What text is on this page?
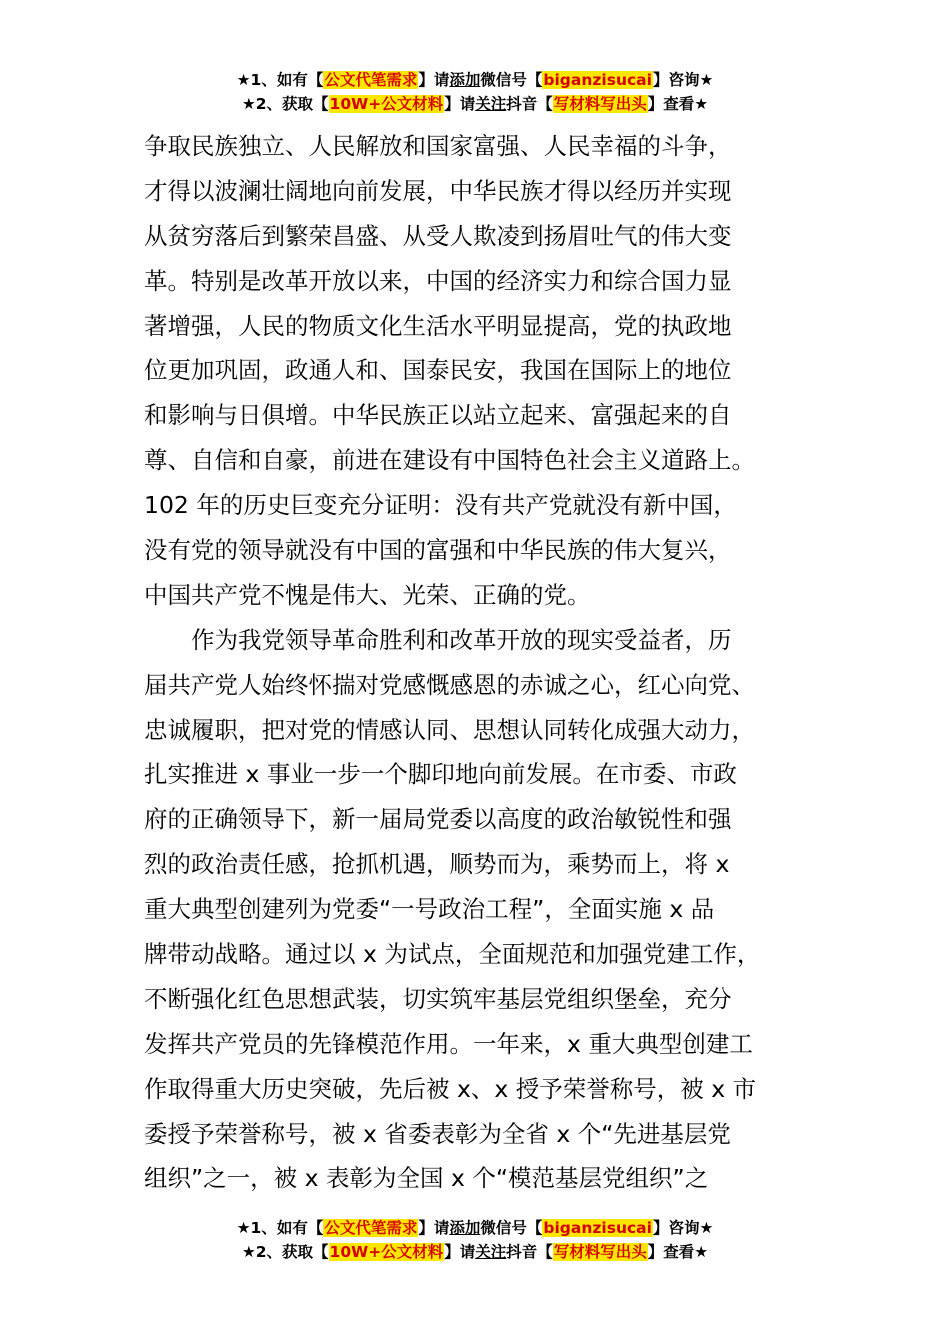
★1、如有【公文代笔需求】请添加微信号【biganzisucai】咨询★
★2、获取【10W+公文材料】请关注抖音【写材料写出头】查看★
争取民族独立、人民解放和国家富强、人民幸福的斗争，
才得以波澜壮阔地向前发展，中华民族才得以经历并实现
从贫穷落后到繁荣昌盛、从受人欺凌到扬眉吐气的伟大变
革。特别是改革开放以来，中国的经济实力和综合国力显
著增强，人民的物质文化生活水平明显提高，党的执政地
位更加巩固，政通人和、国泰民安，我国在国际上的地位
和影响与日俱增。中华民族正以站立起来、富强起来的自
尊、自信和自豪，前进在建设有中国特色社会主义道路上。
102 年的历史巨变充分证明：没有共产党就没有新中国，
没有党的领导就没有中国的富强和中华民族的伟大复兴，
中国共产党不愧是伟大、光荣、正确的党。
作为我党领导革命胜利和改革开放的现实受益者，历
届共产党人始终怀揣对党感慨感恩的赤诚之心，红心向党、
忠诚履职，把对党的情感认同、思想认同转化成强大动力，
扎实推进 x 事业一步一个脚印地向前发展。在市委、市政
府的正确领导下，新一届局党委以高度的政治敏锐性和强
烈的政治责任感，抢抓机遇，顺势而为，乘势而上，将 x
重大典型创建列为党委“一号政治工程”，全面实施 x 品
牌带动战略。通过以 x 为试点，全面规范和加强党建工作，
不断强化红色思想武装，切实筑牢基层党组织堡垒，充分
发挥共产党员的先锋模范作用。一年来，x 重大典型创建工
作取得重大历史突破，先后被 x、x 授予荣誉称号，被 x 市
委授予荣誉称号，被 x 省委表彰为全省 x 个“先进基层党
组织”之一，被 x 表彰为全国 x 个“模范基层党组织”之
★1、如有【公文代笔需求】请添加微信号【biganzisucai】咨询★
★2、获取【10W+公文材料】请关注抖音【写材料写出头】查看★
